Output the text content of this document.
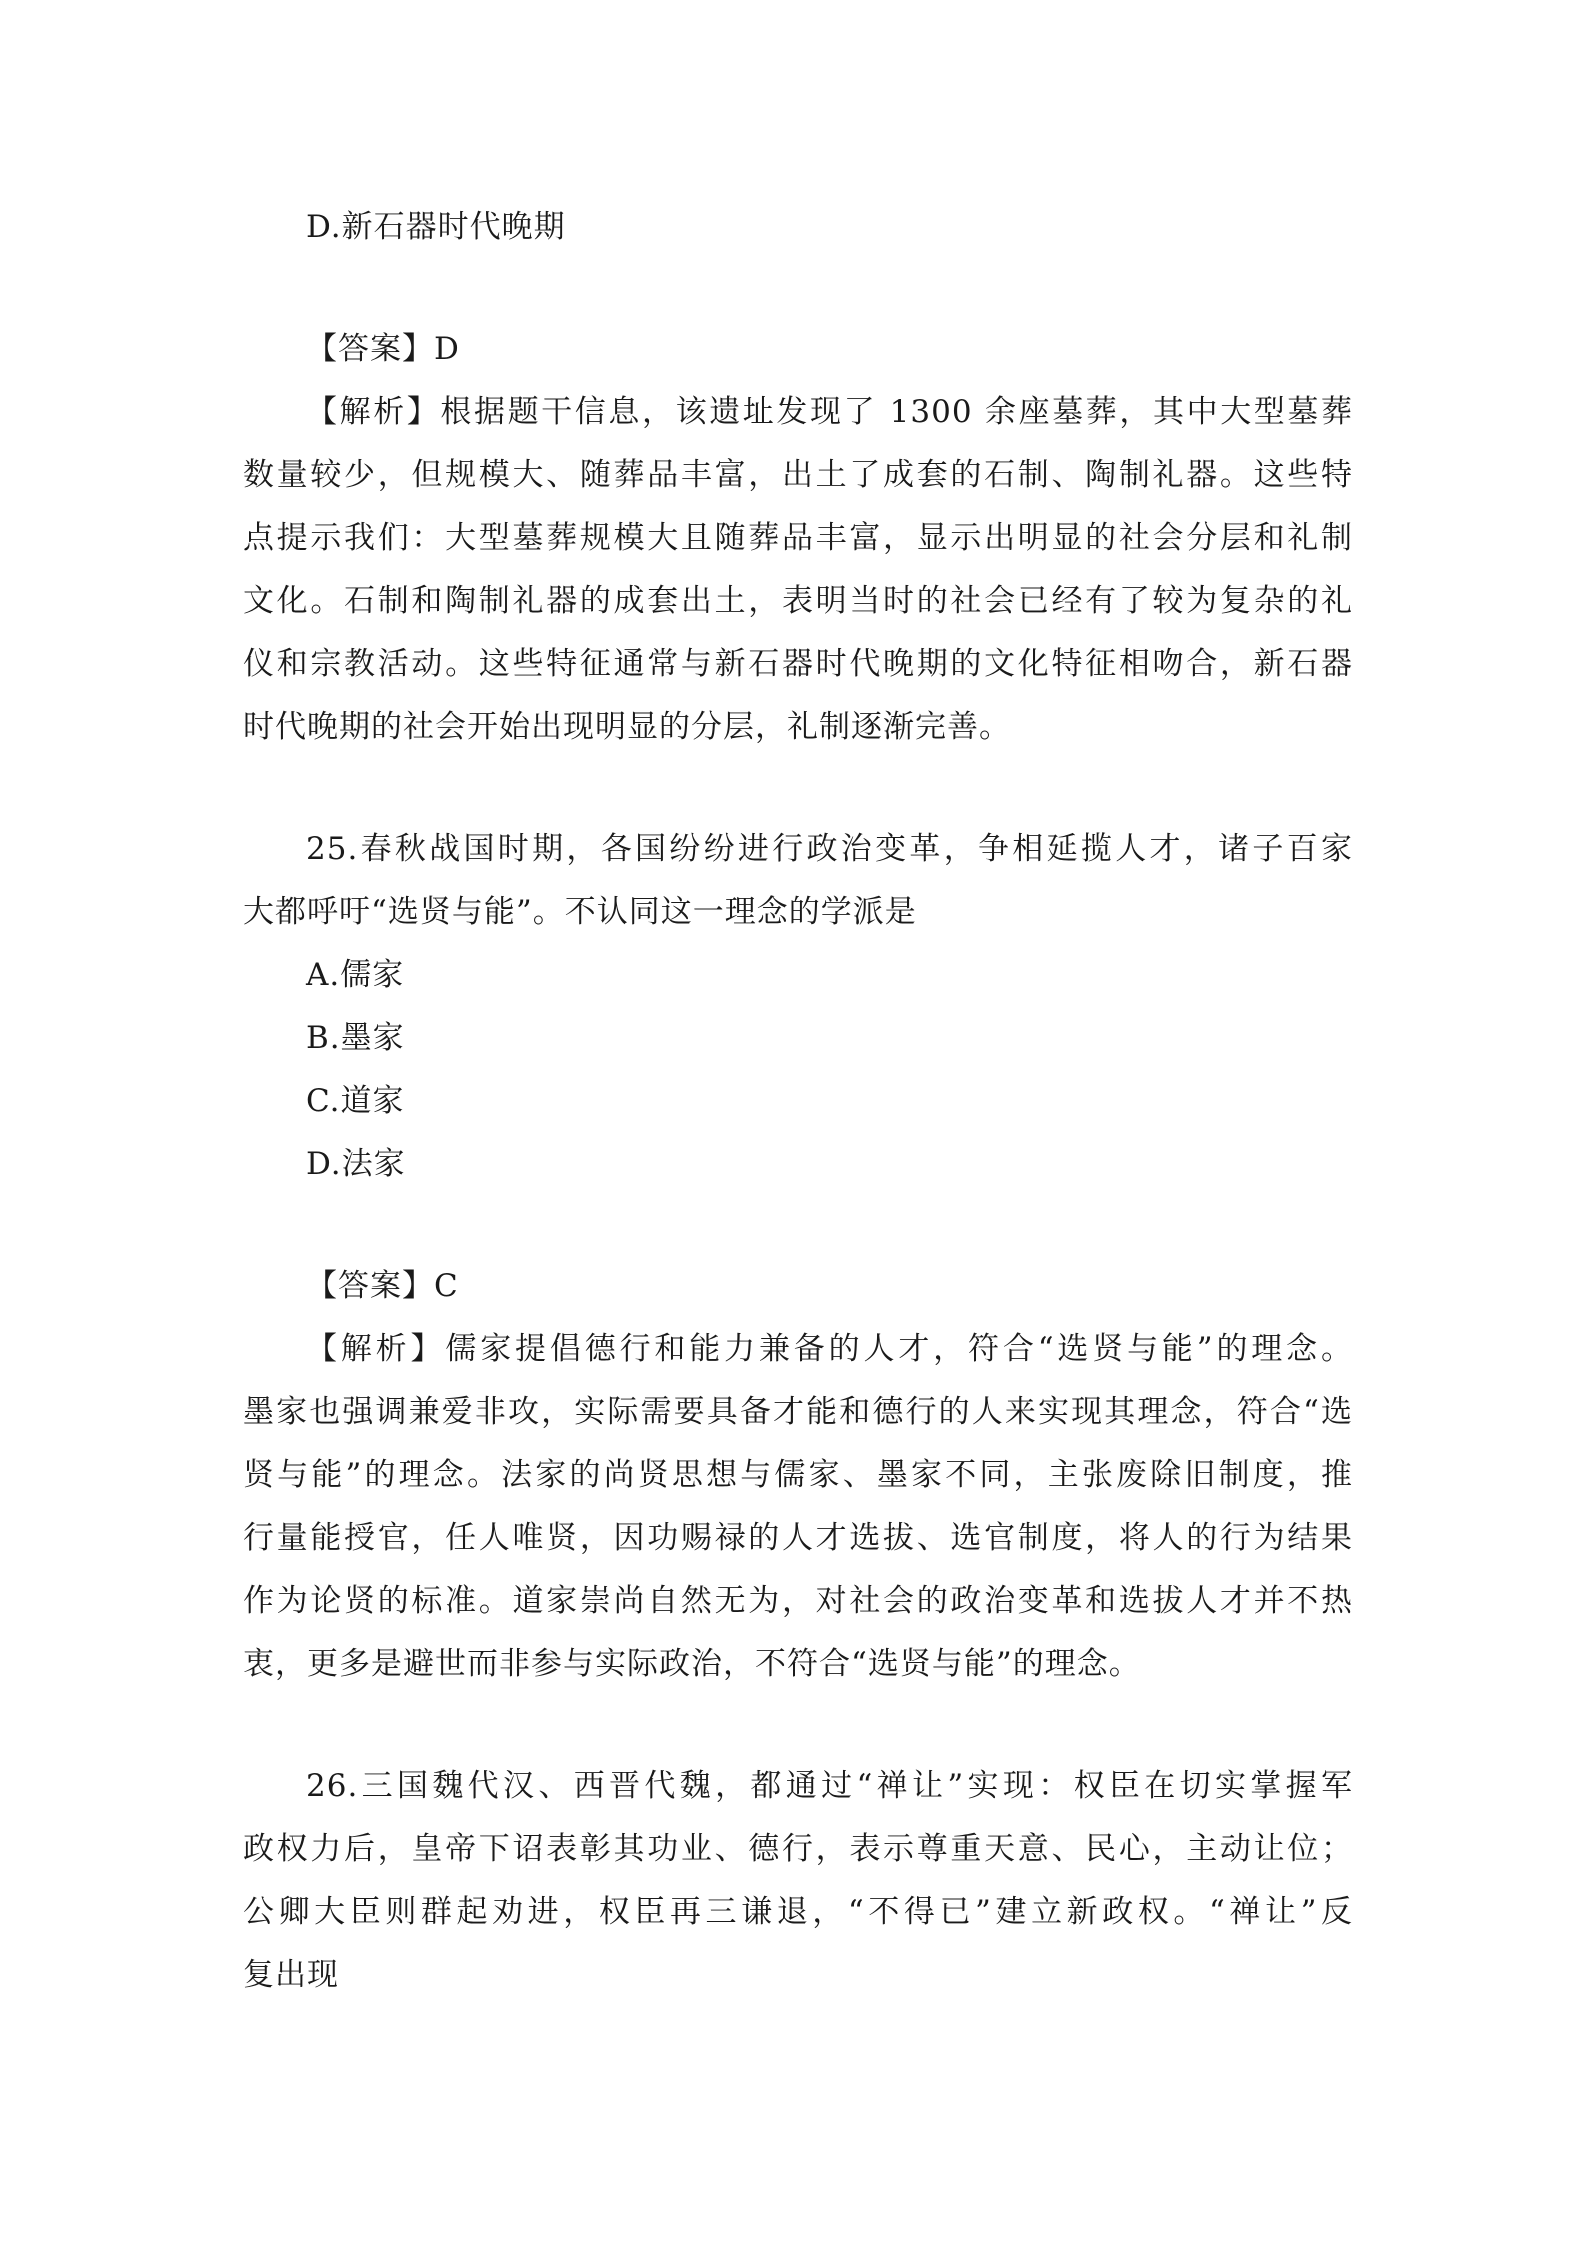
D.新石器时代晚期
【答案】D
【解析】根据题干信息，该遗址发现了 1300 余座墓葬，其中大型墓葬
数量较少，但规模大、随葬品丰富，出土了成套的石制、陶制礼器。这些特
点提示我们：大型墓葬规模大且随葬品丰富，显示出明显的社会分层和礼制
文化。石制和陶制礼器的成套出土，表明当时的社会已经有了较为复杂的礼
仪和宗教活动。这些特征通常与新石器时代晚期的文化特征相吻合，新石器
时代晚期的社会开始出现明显的分层，礼制逐渐完善。
25.春秋战国时期，各国纷纷进行政治变革，争相延揽人才，诸子百家
大都呼吁“选贤与能”。不认同这一理念的学派是
A.儒家
B.墨家
C.道家
D.法家
【答案】C
【解析】儒家提倡德行和能力兼备的人才，符合“选贤与能”的理念。
墨家也强调兼爱非攻，实际需要具备才能和德行的人来实现其理念，符合“选
贤与能”的理念。法家的尚贤思想与儒家、墨家不同，主张废除旧制度，推
行量能授官，任人唯贤，因功赐禄的人才选拔、选官制度，将人的行为结果
作为论贤的标准。道家崇尚自然无为，对社会的政治变革和选拔人才并不热
衷，更多是避世而非参与实际政治，不符合“选贤与能”的理念。
26.三国魏代汉、西晋代魏，都通过“禅让”实现：权臣在切实掌握军
政权力后，皇帝下诏表彰其功业、德行，表示尊重天意、民心，主动让位；
公卿大臣则群起劝进，权臣再三谦退，“不得已”建立新政权。“禅让”反
复出现
